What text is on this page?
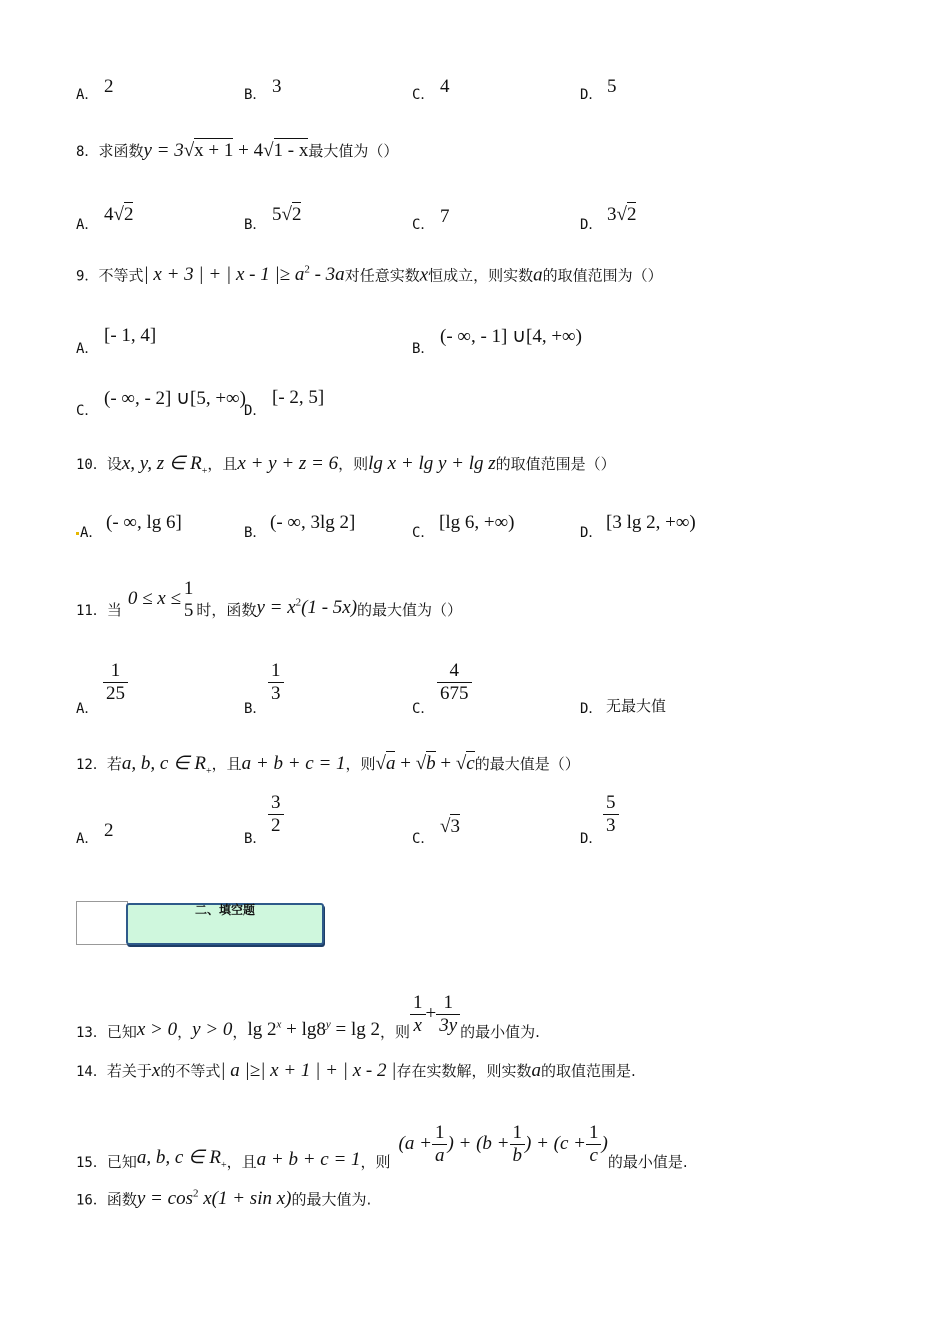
A． 2	B． 3	C． 4	D． 5
8．求函数y = 3√x + 1 + 4√1 - x最大值为（）
A． 4√2	B． 5√2	C． 7	D． 3√2
9．不等式| x + 3 | + | x - 1 |≥ $a^2 - 3a$对任意实数x恒成立，则实数a的取值范围为（）
A．
[- 1, 4]
B．
(- ∞, - 1] ∪[4, +∞)
C．
(- ∞, - 2] ∪[5, +∞)
D．
[- 2, 5]
10．设x, y, z ∈ $R_+$，且x + y + z = 6，则lg x + lg y + lg z的取值范围是（）
A． (- ∞, lg 6]	B． (- ∞, 3lg 2]	C． [lg 6, +∞)	D． [3 lg 2, +∞)
11．当0 ≤ x ≤ 1
5 时，函数$y = x^2(1 - 5x)$的最大值为（）
A．
$\frac{1}{25}$
B．
$\frac{1}{3}$
C．
$\frac{4}{675}$
D． 无最大值
12．若a, b, c ∈ $R_+$，且a + b + c = 1，则√a + √b + √c的最大值是（）
A． 2	B．
$\frac{3}{2}$
C．
√3
D．
$\frac{5}{3}$
二、填空题
13．已知x > 0，y > 0，$\lg 2^x + \lg 8^y = \lg 2$，则 $\frac{1}{x} + \frac{1}{3y}$ 的最小值为.
14．若关于x的不等式| a |≥| x + 1 | + | x - 2 |存在实数解，则实数a的取值范围是.
15．已知a, b, c ∈ $R_+$，且a + b + c = 1，则($a + \frac{1}{a}$ ) + ($b + \frac{1}{b}$ ) + ($c + \frac{1}{c}$ )的最小值是.
16．函数$y = \cos^2 x(1 + \sin x)$的最大值为.
